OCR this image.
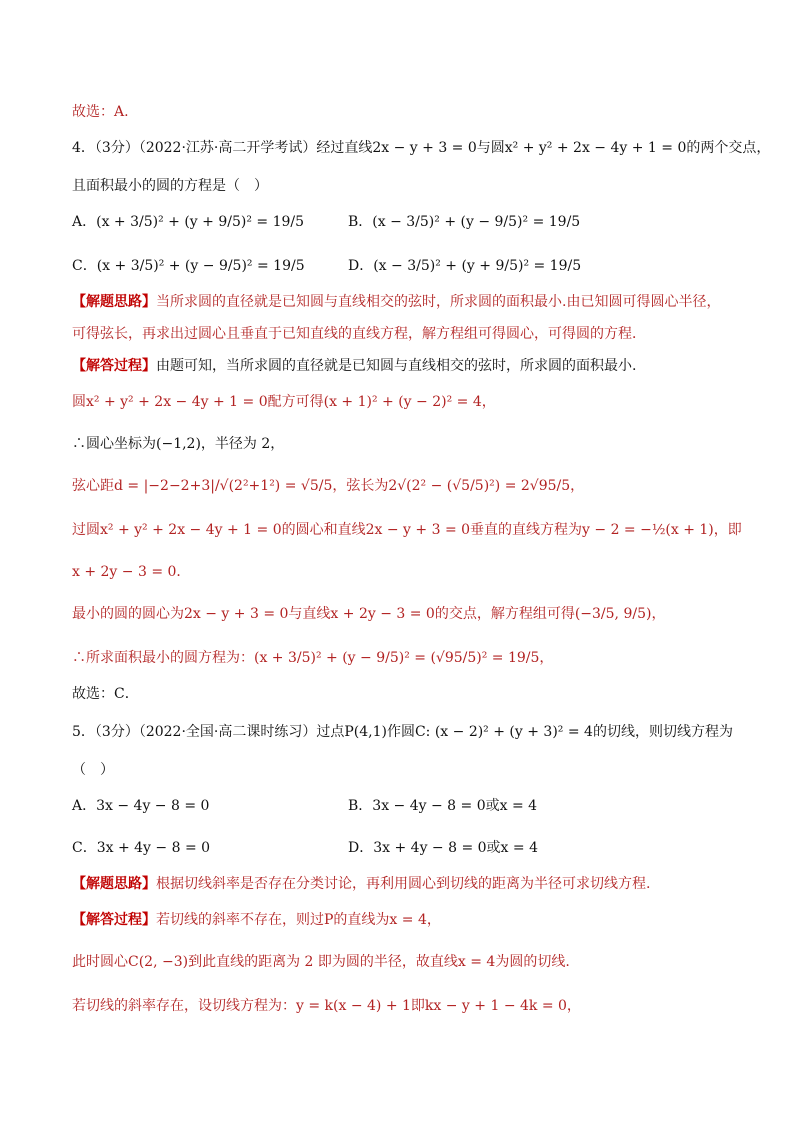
故选：A.
4．（3分）（2022·江苏·高二开学考试）经过直线2x − y + 3 = 0与圆x² + y² + 2x − 4y + 1 = 0的两个交点，
且面积最小的圆的方程是（　）
A．(x + 3/5)² + (y + 9/5)² = 19/5	B．(x − 3/5)² + (y − 9/5)² = 19/5
C．(x + 3/5)² + (y − 9/5)² = 19/5	D．(x − 3/5)² + (y + 9/5)² = 19/5
【解题思路】当所求圆的直径就是已知圆与直线相交的弦时，所求圆的面积最小.由已知圆可得圆心半径，
可得弦长，再求出过圆心且垂直于已知直线的直线方程，解方程组可得圆心，可得圆的方程．
【解答过程】由题可知，当所求圆的直径就是已知圆与直线相交的弦时，所求圆的面积最小.
圆x² + y² + 2x − 4y + 1 = 0配方可得(x + 1)² + (y − 2)² = 4，
∴圆心坐标为(−1,2)，半径为 2，
弦心距d = |−2−2+3|/√(2²+1²) = √5/5，弦长为2√(2² − (√5/5)²) = 2√95/5，
过圆x² + y² + 2x − 4y + 1 = 0的圆心和直线2x − y + 3 = 0垂直的直线方程为y − 2 = −½(x + 1)，即
x + 2y − 3 = 0．
最小的圆的圆心为2x − y + 3 = 0与直线x + 2y − 3 = 0的交点，解方程组可得(−3/5, 9/5)，
∴所求面积最小的圆方程为：(x + 3/5)² + (y − 9/5)² = (√95/5)² = 19/5，
故选：C．
5．（3分）（2022·全国·高二课时练习）过点P(4,1)作圆C: (x − 2)² + (y + 3)² = 4的切线，则切线方程为
（　）
A．3x − 4y − 8 = 0	B．3x − 4y − 8 = 0或x = 4
C．3x + 4y − 8 = 0	D．3x + 4y − 8 = 0或x = 4
【解题思路】根据切线斜率是否存在分类讨论，再利用圆心到切线的距离为半径可求切线方程.
【解答过程】若切线的斜率不存在，则过P的直线为x = 4，
此时圆心C(2, −3)到此直线的距离为 2 即为圆的半径，故直线x = 4为圆的切线.
若切线的斜率存在，设切线方程为：y = k(x − 4) + 1即kx − y + 1 − 4k = 0，
